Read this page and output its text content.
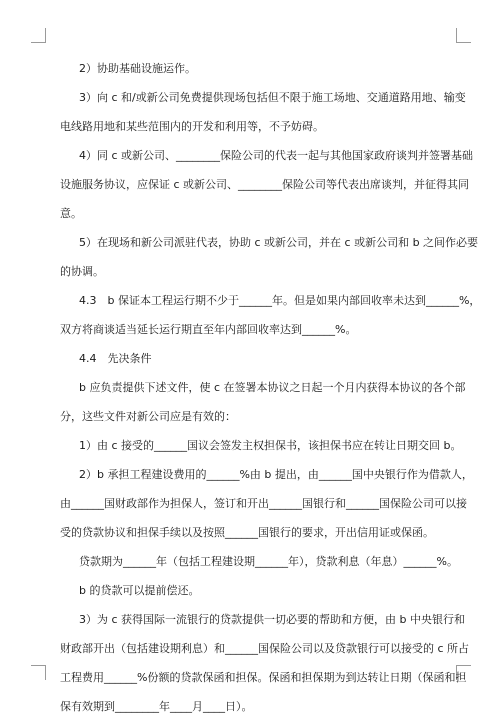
2）协助基础设施运作。
3）向 c 和/或新公司免费提供现场包括但不限于施工场地、交通道路用地、输变
电线路用地和某些范围内的开发和利用等，不予妨碍。
4）同 c 或新公司、________保险公司的代表一起与其他国家政府谈判并签署基础
设施服务协议，应保证 c 或新公司、________保险公司等代表出席谈判，并征得其同
意。
5）在现场和新公司派驻代表，协助 c 或新公司，并在 c 或新公司和 b 之间作必要
的协调。
4.3　b 保证本工程运行期不少于______年。但是如果内部回收率未达到______%，
双方将商谈适当延长运行期直至年内部回收率达到______%。
4.4　先决条件
b 应负责提供下述文件，使 c 在签署本协议之日起一个月内获得本协议的各个部
分，这些文件对新公司应是有效的：
1）由 c 接受的______国议会签发主权担保书，该担保书应在转让日期交回 b。
2）b 承担工程建设费用的______%由 b 提出，由______国中央银行作为借款人，
由______国财政部作为担保人，签订和开出______国银行和______国保险公司可以接
受的贷款协议和担保手续以及按照______国银行的要求，开出信用证或保函。
贷款期为______年（包括工程建设期______年），贷款利息（年息）______%。
b 的贷款可以提前偿还。
3）为 c 获得国际一流银行的贷款提供一切必要的帮助和方便，由 b 中央银行和
财政部开出（包括建设期利息）和______国保险公司以及贷款银行可以接受的 c 所占
工程费用______%份额的贷款保函和担保。保函和担保期为到达转让日期（保函和担
保有效期到________年____月____日）。
